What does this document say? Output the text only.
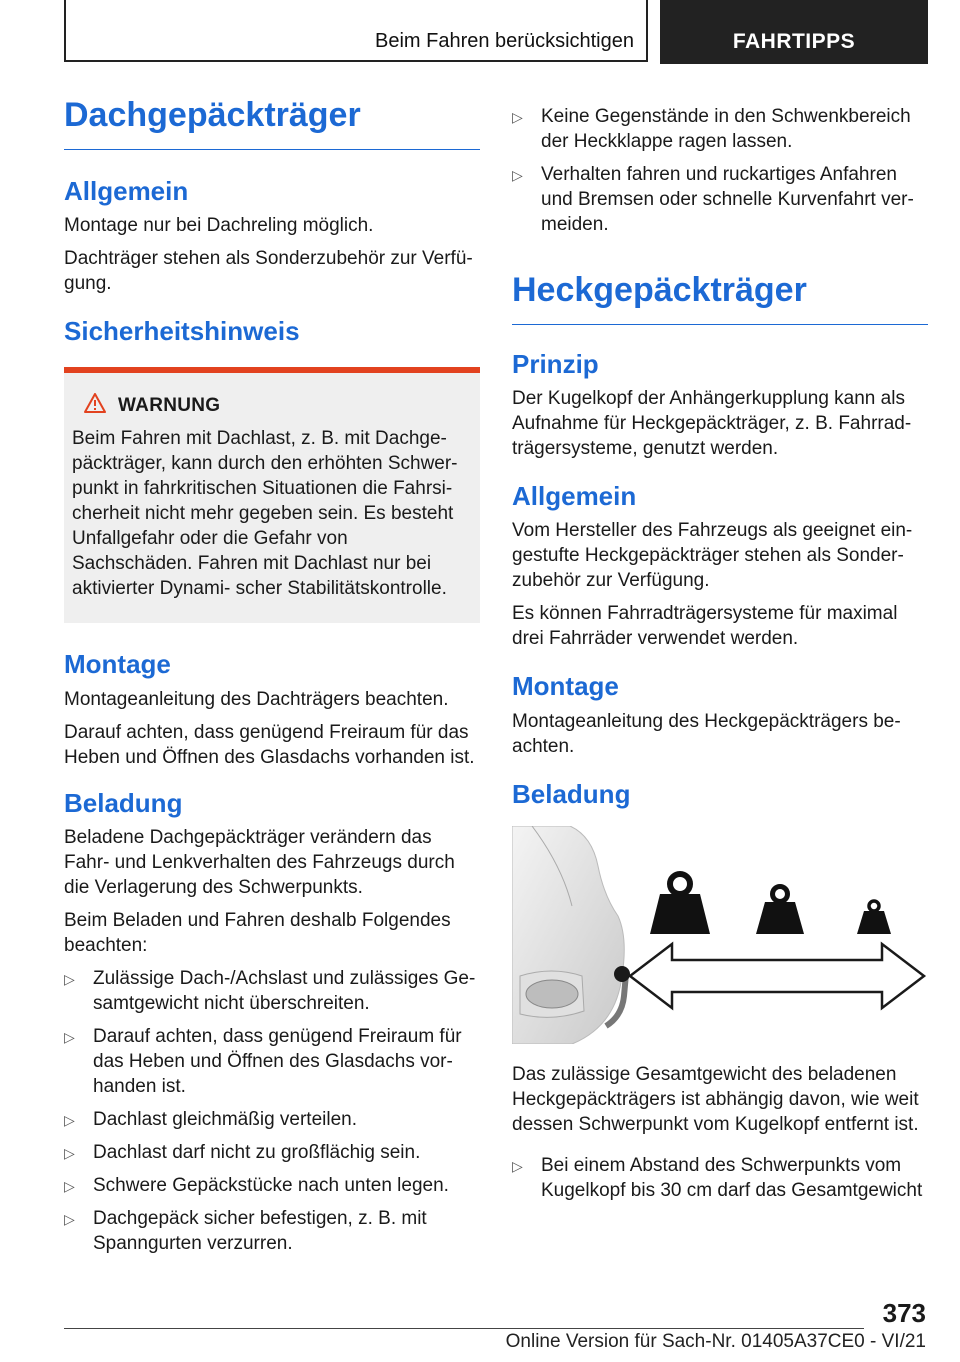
Beim Fahren berücksichtigen	FAHRTIPPS
Dachgepäckträger
Allgemein

Montage nur bei Dachreling möglich.

Dachträger stehen als Sonderzubehör zur Verfü- gung.

Sicherheitshinweis
WARNUNG

Beim Fahren mit Dachlast, z. B. mit Dachge- päckträger, kann durch den erhöhten Schwer- punkt in fahrkritischen Situationen die Fahrsi- cherheit nicht mehr gegeben sein. Es besteht Unfallgefahr oder die Gefahr von Sachschäden. Fahren mit Dachlast nur bei aktivierter Dynami- scher Stabilitätskontrolle.

Montage

Montageanleitung des Dachträgers beachten.

Darauf achten, dass genügend Freiraum für das Heben und Öffnen des Glasdachs vorhanden ist.

Beladung

Beladene Dachgepäckträger verändern das Fahr- und Lenkverhalten des Fahrzeugs durch die Verlagerung des Schwerpunkts.

Beim Beladen und Fahren deshalb Folgendes beachten:

▷ Zulässige Dach-/Achslast und zulässiges Ge- samtgewicht nicht überschreiten.
▷ Darauf achten, dass genügend Freiraum für das Heben und Öffnen des Glasdachs vor- handen ist.
▷ Dachlast gleichmäßig verteilen.
▷ Dachlast darf nicht zu großflächig sein.
▷ Schwere Gepäckstücke nach unten legen.
▷ Dachgepäck sicher befestigen, z. B. mit Spanngurten verzurren.
▷ Keine Gegenstände in den Schwenkbereich der Heckklappe ragen lassen.
▷ Verhalten fahren und ruckartiges Anfahren und Bremsen oder schnelle Kurvenfahrt ver- meiden.
Heckgepäckträger
Prinzip

Der Kugelkopf der Anhängerkupplung kann als Aufnahme für Heckgepäckträger, z. B. Fahrrad- trägersysteme, genutzt werden.

Allgemein

Vom Hersteller des Fahrzeugs als geeignet ein- gestufte Heckgepäckträger stehen als Sonder- zubehör zur Verfügung.

Es können Fahrradträgersysteme für maximal drei Fahrräder verwendet werden.

Montage

Montageanleitung des Heckgepäckträgers be- achten.

Beladung

Das zulässige Gesamtgewicht des beladenen Heckgepäckträgers ist abhängig davon, wie weit dessen Schwerpunkt vom Kugelkopf entfernt ist.

▷ Bei einem Abstand des Schwerpunkts vom Kugelkopf bis 30 cm darf das Gesamtgewicht
373
Online Version für Sach-Nr. 01405A37CE0 - VI/21
